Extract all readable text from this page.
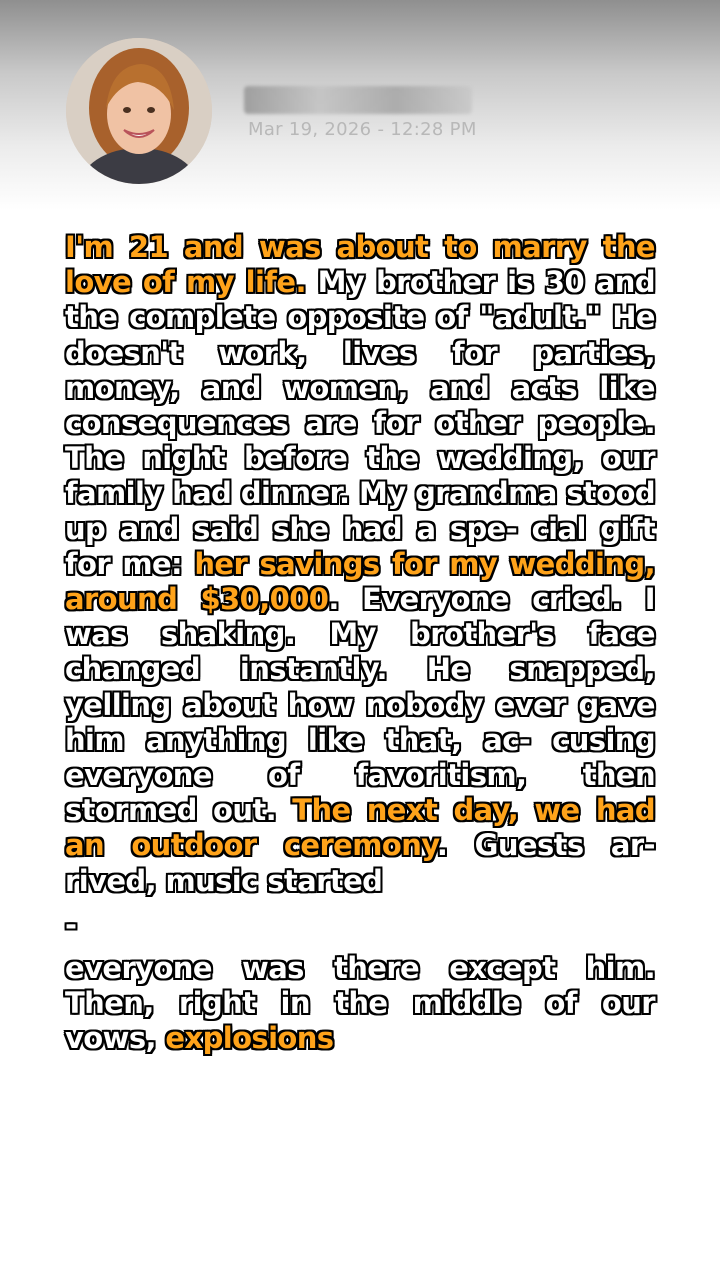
Mar 19, 2026 - 12:28 PM

I'm 21 and was about to marry the love of my life. My brother is 30 and the complete opposite of "adult." He doesn't work, lives for parties, money, and women, and acts like consequences are for other people. The night before the wedding, our family had dinner. My grandma stood up and said she had a spe- cial gift for me: her savings for my wedding, around $30,000. Everyone cried. I was shaking. My brother's face changed instantly. He snapped, yelling about how nobody ever gave him anything like that, ac- cusing everyone of favoritism, then stormed out. The next day, we had an outdoor ceremony. Guests ar- rived, music started

-

everyone was there except him. Then, right in the middle of our vows, explosions
